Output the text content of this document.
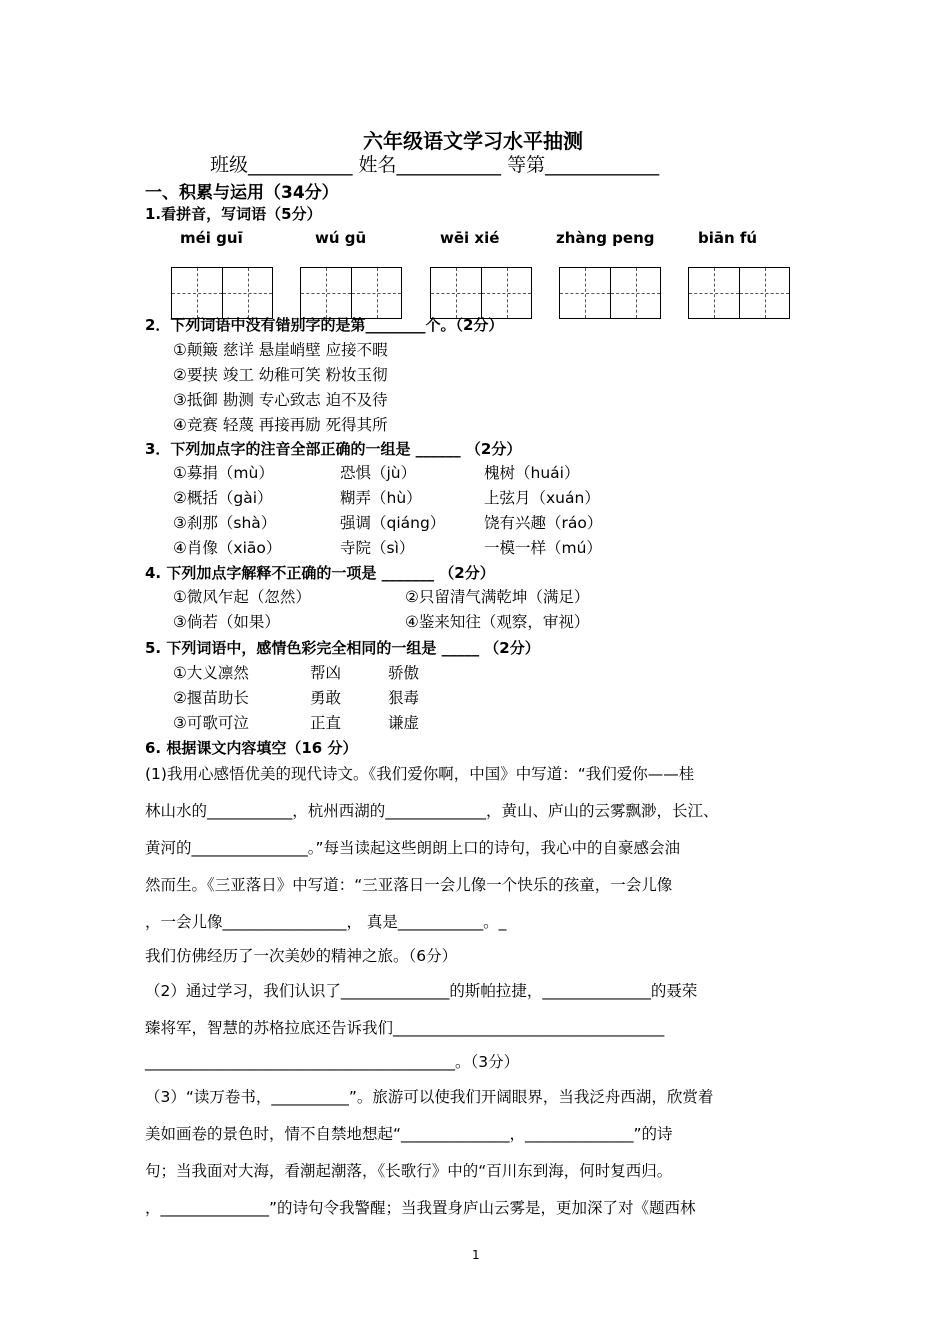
六年级语文学习水平抽测
班级___________ 姓名___________ 等第____________
一、积累与运用（34分）
1.看拼音，写词语（5分）
méi guī	wú gū	wēi xié	zhàng peng	biān fú
2．下列词语中没有错别字的是第________个。（2分）
①颠簸 慈详 悬崖峭壁 应接不暇
②要挟 竣工 幼稚可笑 粉妆玉彻
③抵御 勘测 专心致志 迫不及待
④竞赛 轻蔑 再接再励 死得其所
3．下列加点字的注音全部正确的一组是 ______ （2分）
①募捐（mù）	恐惧（jù）	槐树（huái）
②概括（gài）	糊弄（hù）	上弦月（xuán）
③刹那（shà）	强调（qiáng） 饶有兴趣（ráo）
④肖像（xiāo）	寺院（sì）	一模一样（mú）
4. 下列加点字解释不正确的一项是 _______ （2分）
①微风乍起（忽然）	②只留清气满乾坤（满足）
③倘若（如果）	④鉴来知往（观察，审视）
5. 下列词语中，感情色彩完全相同的一组是 _____ （2分）
①大义凛然	帮凶	骄傲
②揠苗助长	勇敢	狠毒
③可歌可泣	正直	谦虚
6. 根据课文内容填空（16 分）
(1)我用心感悟优美的现代诗文。《我们爱你啊，中国》中写道：“我们爱你——桂
林山水的___________，杭州西湖的_____________，黄山、庐山的云雾飘渺，长江、
黄河的_______________。”每当读起这些朗朗上口的诗句，我心中的自豪感会油
然而生。《三亚落日》中写道：“三亚落日一会儿像一个快乐的孩童，一会儿像
，一会儿像________________， 真是___________。_
我们仿佛经历了一次美妙的精神之旅。（6分）
（2）通过学习，我们认识了______________的斯帕拉捷，______________的聂荣
臻将军，智慧的苏格拉底还告诉我们___________________________________
________________________________________。（3分）
（3）“读万卷书，__________”。旅游可以使我们开阔眼界，当我泛舟西湖，欣赏着
美如画卷的景色时，情不自禁地想起“______________，______________”的诗
句；当我面对大海，看潮起潮落，《长歌行》中的“百川东到海，何时复西归。
，______________”的诗句令我警醒；当我置身庐山云雾是，更加深了对《题西林
1
